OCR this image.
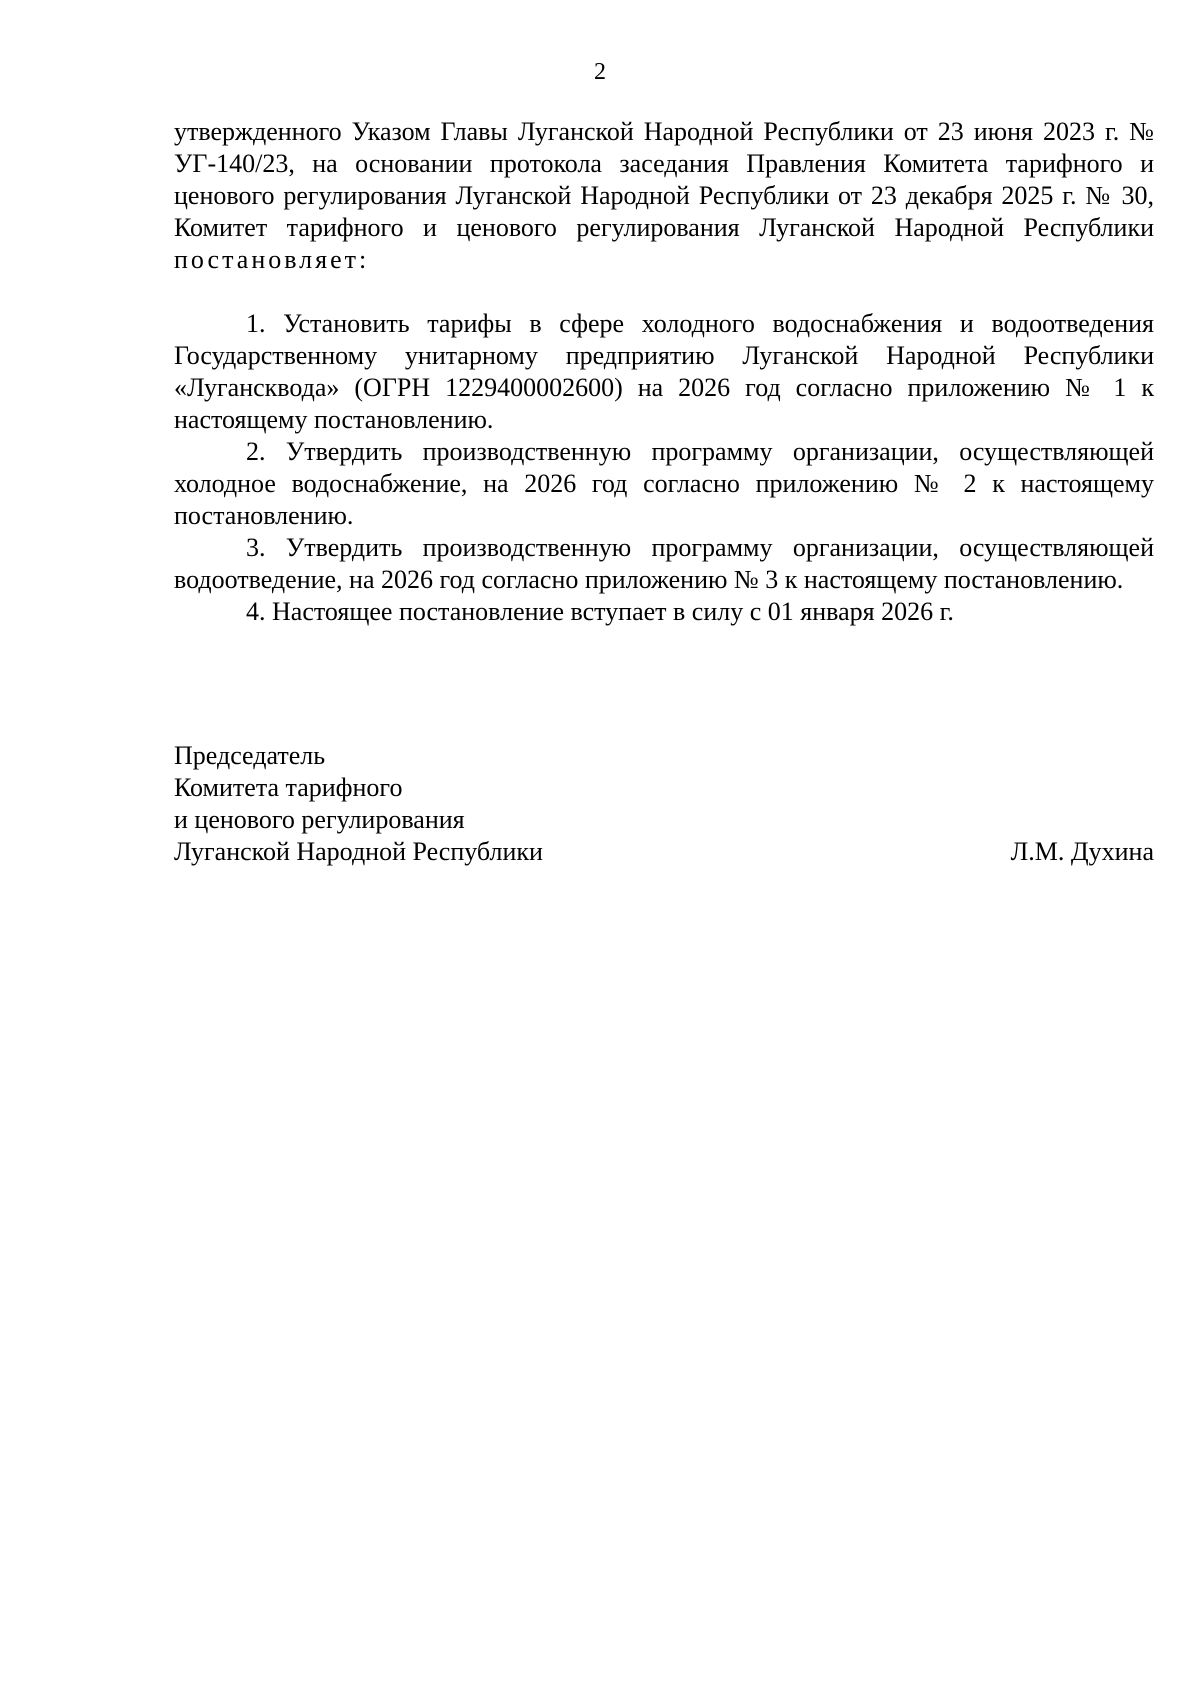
2

утвержденного Указом Главы Луганской Народной Республики от 23 июня 2023 г. № УГ-140/23, на основании протокола заседания Правления Комитета тарифного и ценового регулирования Луганской Народной Республики от 23 декабря 2025 г. № 30, Комитет тарифного и ценового регулирования Луганской Народной Республики постановляет:

1. Установить тарифы в сфере холодного водоснабжения и водоотведения Государственному унитарному предприятию Луганской Народной Республики «Лугансквода» (ОГРН 1229400002600) на 2026 год согласно приложению № 1 к настоящему постановлению.

2. Утвердить производственную программу организации, осуществляющей холодное водоснабжение, на 2026 год согласно приложению № 2 к настоящему постановлению.

3. Утвердить производственную программу организации, осуществляющей водоотведение, на 2026 год согласно приложению № 3 к настоящему постановлению.

4. Настоящее постановление вступает в силу с 01 января 2026 г.

Председатель
Комитета тарифного
и ценового регулирования
Луганской Народной Республики	Л.М. Духина
